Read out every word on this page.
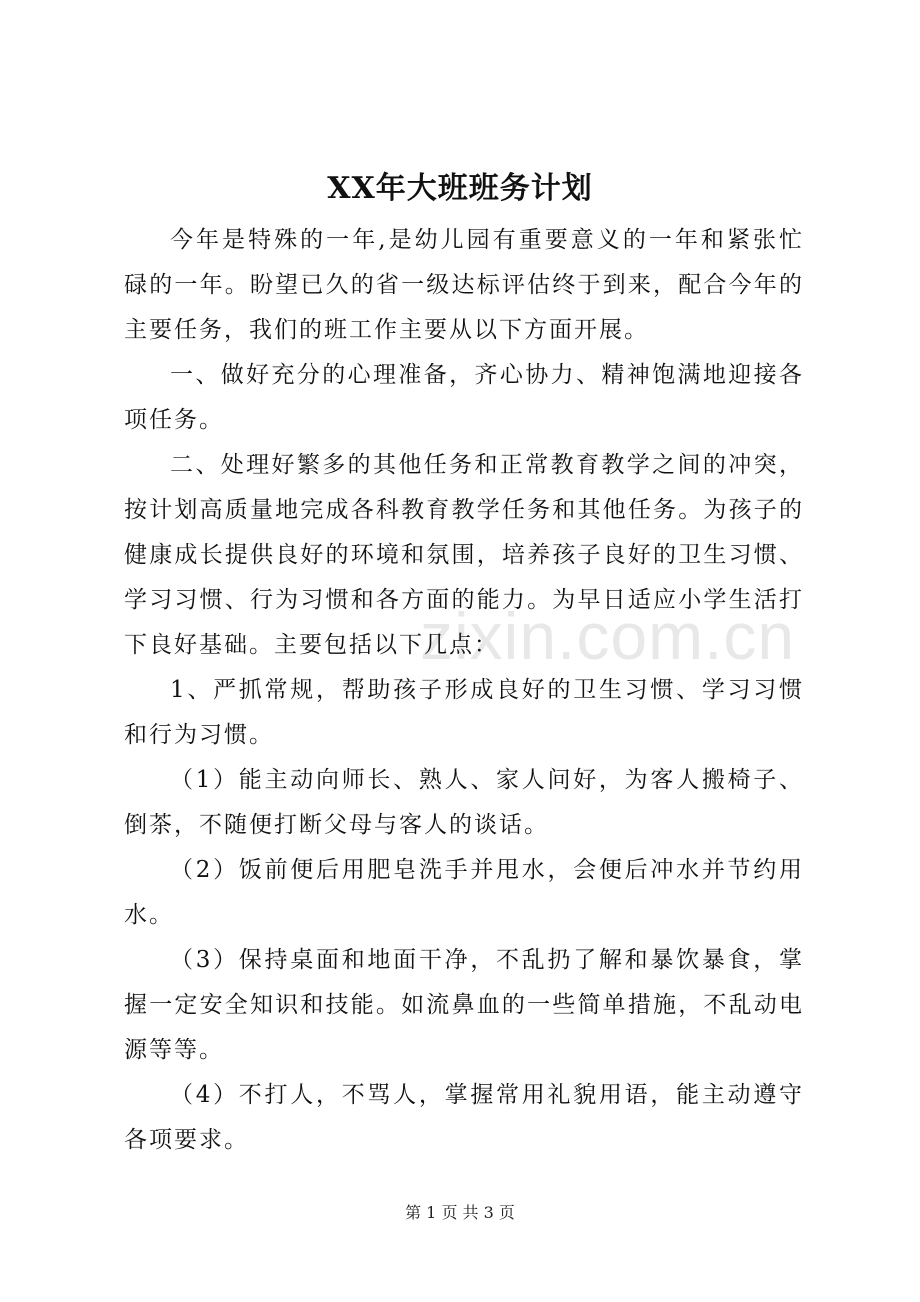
zixin.com.cn
XX年大班班务计划

今年是特殊的一年,是幼儿园有重要意义的一年和紧张忙碌的一年。盼望已久的省一级达标评估终于到来，配合今年的主要任务，我们的班工作主要从以下方面开展。

一、做好充分的心理准备，齐心协力、精神饱满地迎接各项任务。

二、处理好繁多的其他任务和正常教育教学之间的冲突，按计划高质量地完成各科教育教学任务和其他任务。为孩子的健康成长提供良好的环境和氛围，培养孩子良好的卫生习惯、学习习惯、行为习惯和各方面的能力。为早日适应小学生活打下良好基础。主要包括以下几点：

1、严抓常规，帮助孩子形成良好的卫生习惯、学习习惯和行为习惯。

（1）能主动向师长、熟人、家人问好，为客人搬椅子、倒茶，不随便打断父母与客人的谈话。

（2）饭前便后用肥皂洗手并甩水，会便后冲水并节约用水。

（3）保持桌面和地面干净，不乱扔了解和暴饮暴食，掌握一定安全知识和技能。如流鼻血的一些简单措施，不乱动电源等等。

（4）不打人，不骂人，掌握常用礼貌用语，能主动遵守各项要求。

第 1 页 共 3 页
